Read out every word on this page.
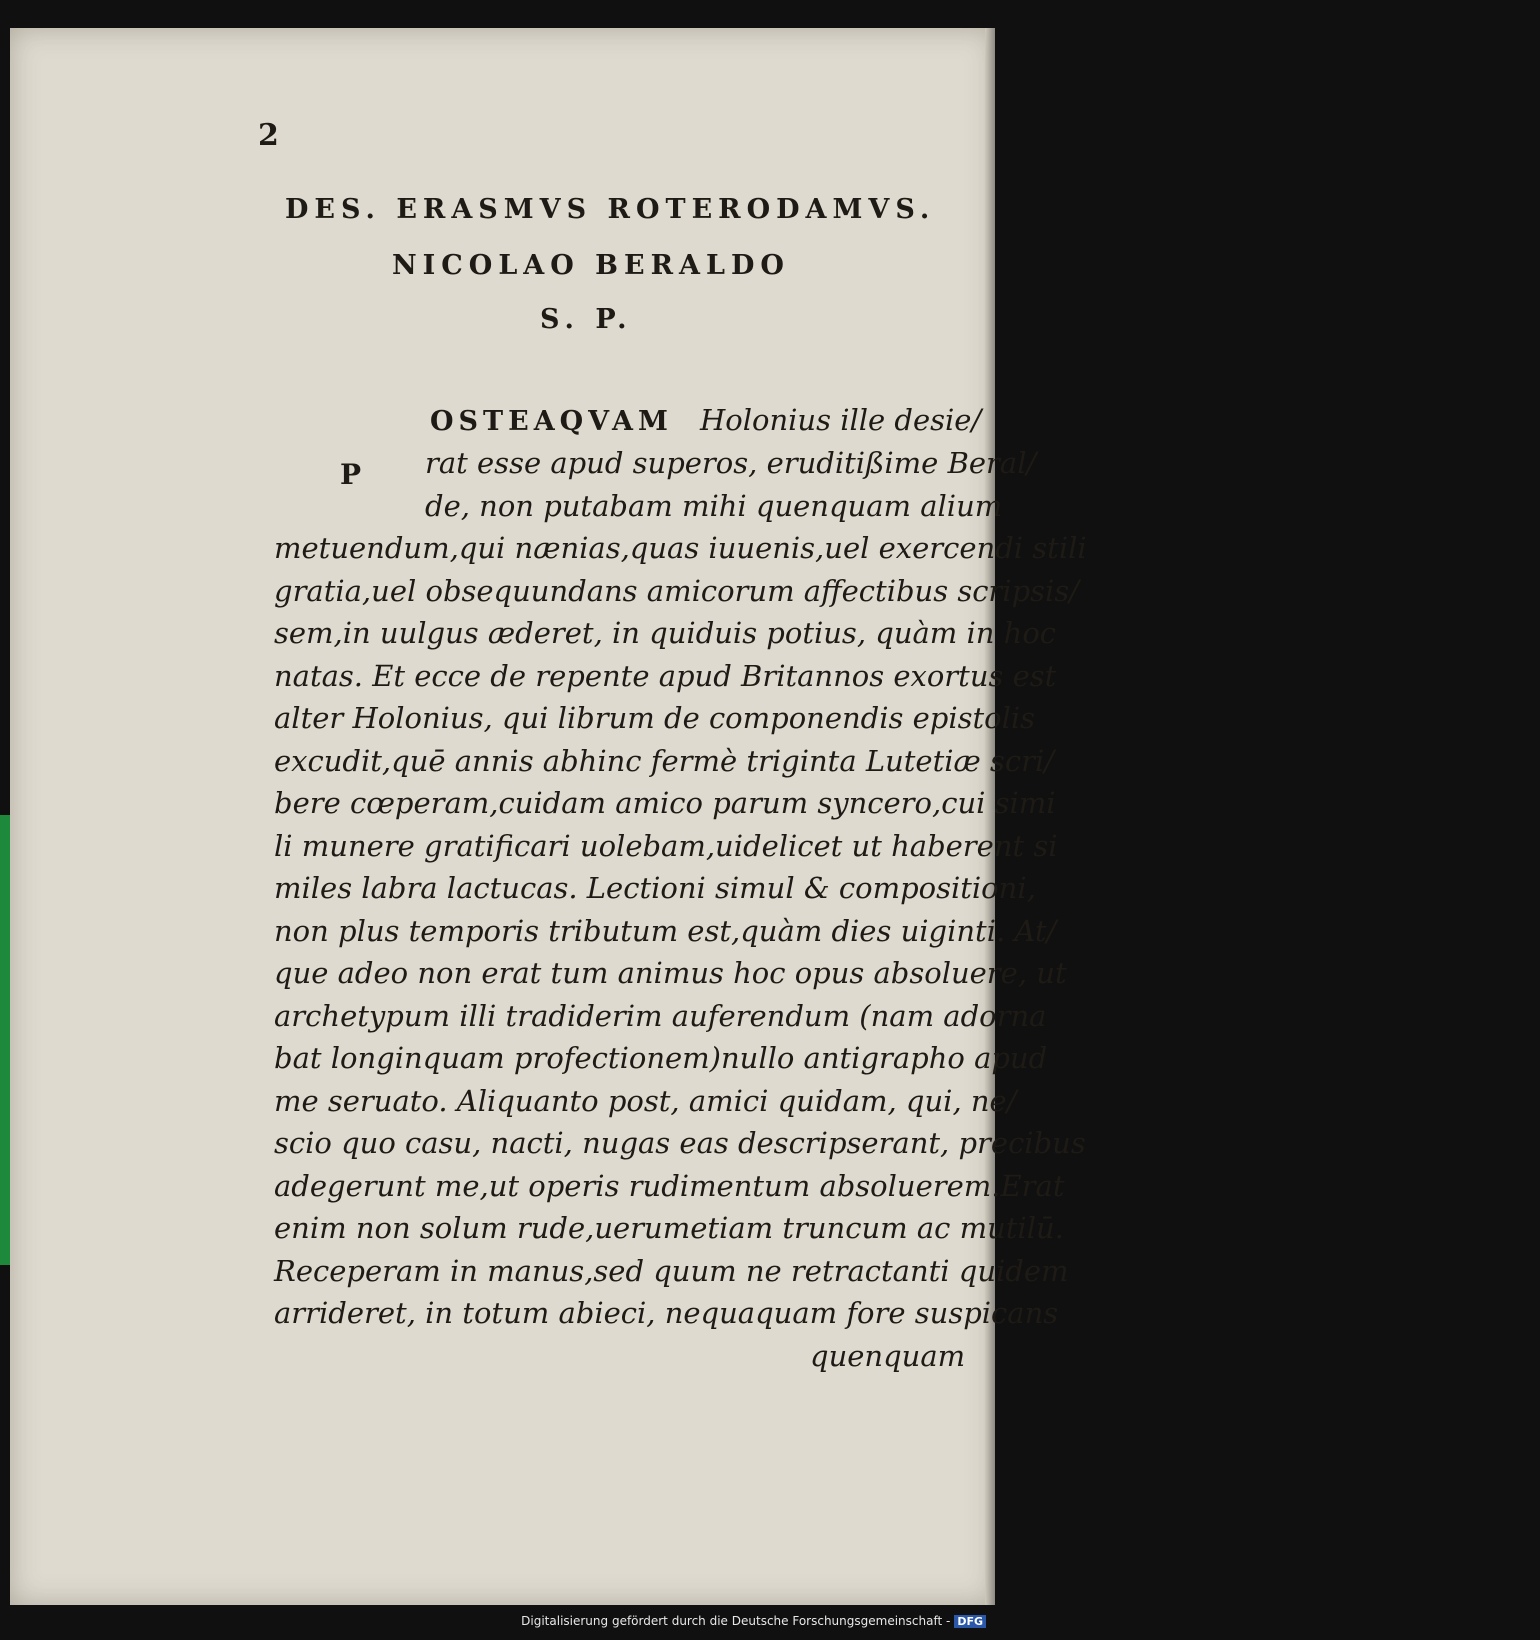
2
DES. ERASMVS ROTERODAMVS.
NICOLAO BERALDO
S. P.
OSTEAQVAM
P
Holonius ille desie/
rat esse apud superos, eruditißime Beral/
de, non putabam mihi quenquam alium
metuendum,qui nænias,quas iuuenis,uel exercendi stili
gratia,uel obsequundans amicorum affectibus scripsis/
sem,in uulgus æderet, in quiduis potius, quàm in hoc
natas. Et ecce de repente apud Britannos exortus est
alter Holonius, qui librum de componendis epistolis
excudit,quē annis abhinc fermè triginta Lutetiæ scri/
bere cœperam,cuidam amico parum syncero,cui simi
li munere gratificari uolebam,uidelicet ut haberent si
miles labra lactucas. Lectioni simul & compositioni,
non plus temporis tributum est,quàm dies uiginti. At/
que adeo non erat tum animus hoc opus absoluere, ut
archetypum illi tradiderim auferendum (nam adorna
bat longinquam profectionem)nullo antigrapho apud
me seruato. Aliquanto post, amici quidam, qui, ne/
scio quo casu, nacti, nugas eas descripserant, precibus
adegerunt me,ut operis rudimentum absoluerem.Erat
enim non solum rude,uerumetiam truncum ac mutilū.
Receperam in manus,sed quum ne retractanti quidem
arrideret, in totum abieci, nequaquam fore suspicans
quenquam
Digitalisierung gefördert durch die Deutsche Forschungsgemeinschaft - DFG
